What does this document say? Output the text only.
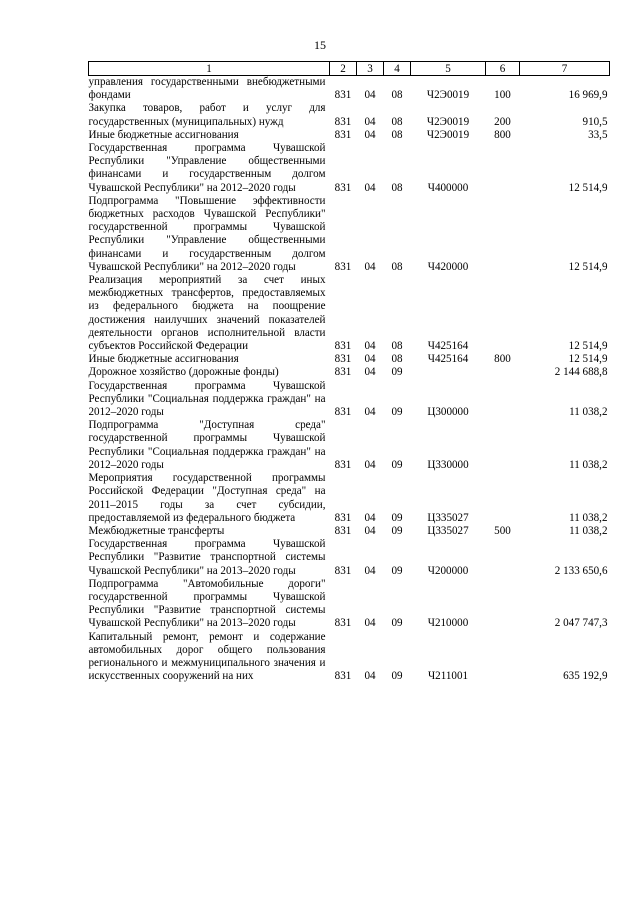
15
1	2	3	4	5	6	7
управления государственными внебюджетными фондами	831	04	08	Ч2Э0019	100	16 969,9
Закупка товаров, работ и услуг для государственных (муниципальных) нужд	831	04	08	Ч2Э0019	200	910,5
Иные бюджетные ассигнования	831	04	08	Ч2Э0019	800	33,5
Государственная программа Чувашской Республики "Управление общественными финансами и государственным долгом Чувашской Республики" на 2012–2020 годы	831	04	08	Ч400000		12 514,9
Подпрограмма "Повышение эффективности бюджетных расходов Чувашской Республики" государственной программы Чувашской Республики "Управление общественными финансами и государственным долгом Чувашской Республики" на 2012–2020 годы	831	04	08	Ч420000		12 514,9
Реализация мероприятий за счет иных межбюджетных трансфертов, предоставляемых из федерального бюджета на поощрение достижения наилучших значений показателей деятельности органов исполнительной власти субъектов Российской Федерации	831	04	08	Ч425164		12 514,9
Иные бюджетные ассигнования	831	04	08	Ч425164	800	12 514,9
Дорожное хозяйство (дорожные фонды)	831	04	09			2 144 688,8
Государственная программа Чувашской Республики "Социальная поддержка граждан" на 2012–2020 годы	831	04	09	Ц300000		11 038,2
Подпрограмма "Доступная среда" государственной программы Чувашской Республики "Социальная поддержка граждан" на 2012–2020 годы	831	04	09	Ц330000		11 038,2
Мероприятия государственной программы Российской Федерации "Доступная среда" на 2011–2015 годы за счет субсидии, предоставляемой из федерального бюджета	831	04	09	Ц335027		11 038,2
Межбюджетные трансферты	831	04	09	Ц335027	500	11 038,2
Государственная программа Чувашской Республики "Развитие транспортной системы Чувашской Республики" на 2013–2020 годы	831	04	09	Ч200000		2 133 650,6
Подпрограмма "Автомобильные дороги" государственной программы Чувашской Республики "Развитие транспортной системы Чувашской Республики" на 2013–2020 годы	831	04	09	Ч210000		2 047 747,3
Капитальный ремонт, ремонт и содержание автомобильных дорог общего пользования регионального и межмуниципального значения и искусственных сооружений на них	831	04	09	Ч211001		635 192,9
